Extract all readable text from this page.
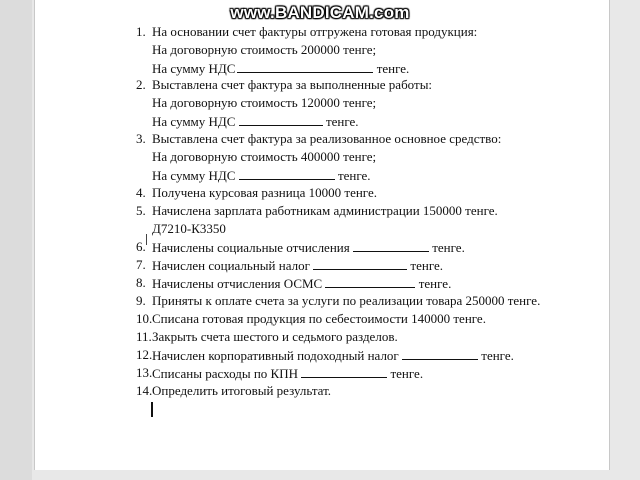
www.BANDICAM.com
1. На основании счет фактуры отгружена готовая продукция:
На договорную стоимость 200000 тенге;
На сумму НДС	тенге.
2. Выставлена счет фактура за выполненные работы:
На договорную стоимость 120000 тенге;
На сумму НДС	тенге.
3. Выставлена счет фактура за реализованное основное средство:
На договорную стоимость 400000 тенге;
На сумму НДС	тенге.
4. Получена курсовая разница 10000 тенге.
5. Начислена зарплата работникам администрации 150000 тенге.
Д7210-К3350
6. Начислены социальные отчисления	тенге.
7. Начислен социальный налог	тенге.
8. Начислены отчисления ОСМС	тенге.
9. Приняты к оплате счета за услуги по реализации товара 250000 тенге.
10. Списана готовая продукция по себестоимости 140000 тенге.
11. Закрыть счета шестого и седьмого разделов.
12. Начислен корпоративный подоходный налог	тенге.
13. Списаны расходы по КПН	тенге.
14. Определить итоговый результат.
